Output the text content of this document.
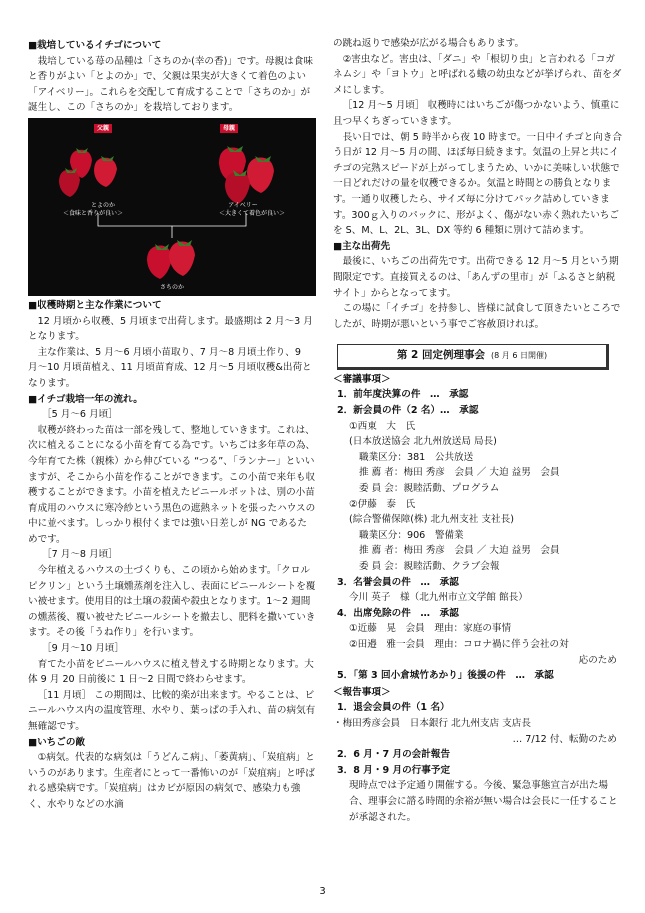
■栽培しているイチゴについて

栽培している苺の品種は「さちのか(幸の香)」です。母親は食味と香りがよい「とよのか」で、父親は果実が大きくて着色のよい「アイベリー」。これらを交配して育成することで「さちのか」が誕生し、この「さちのか」を栽培しております。

父親	母親
とよのか
＜食味と香りが良い＞
アイベリー
＜大きくて着色が良い＞
さちのか

■収穫時期と主な作業について

12 月頃から収穫、5 月頃まで出荷します。最盛期は 2 月〜3 月となります。

主な作業は、5 月〜6 月頃小苗取り、7 月〜8 月頃土作り、9 月〜10 月頃苗植え、11 月頃苗育成、12 月〜5 月頃収穫&出荷となります。

■イチゴ栽培一年の流れ。

［5 月〜6 月頃］

収穫が終わった苗は一部を残して、整地していきます。これは、次に植えることになる小苗を育てる為です。いちごは多年草の為、今年育てた株（親株）から伸びている “つる”、「ランナー」といいますが、そこから小苗を作ることができます。この小苗で来年も収穫することができます。小苗を植えたビニールポットは、別の小苗育成用のハウスに寒冷紗という黒色の遮熱ネットを張ったハウスの中に並べます。しっかり根付くまでは強い日差しが NG であるためです。

［7 月〜8 月頃］

今年植えるハウスの土づくりも、この頃から始めます。「クロルピクリン」という土壌燻蒸剤を注入し、表面にビニールシートを覆い被せます。使用目的は土壌の殺菌や殺虫となります。1〜2 週間の燻蒸後、覆い被せたビニールシートを撤去し、肥料を撒いていきます。その後「うね作り」を行います。

［9 月〜10 月頃］

育てた小苗をビニールハウスに植え替えする時期となります。大体 9 月 20 日前後に 1 日〜2 日間で終わらせます。

［11 月頃］ この期間は、比較的楽が出来ます。やることは、ビニールハウス内の温度管理、水やり、葉っぱの手入れ、苗の病気有無確認です。

■いちごの敵

①病気。代表的な病気は「うどんこ病」、「萎黄病」、「炭疽病」というのがあります。生産者にとって一番怖いのが「炭疽病」と呼ばれる感染病です。「炭疽病」はカビが原因の病気で、感染力も強く、水やりなどの水滴

の跳ね返りで感染が広がる場合もあります。

②害虫など。害虫は、「ダニ」や「根切り虫」と言われる「コガネムシ」や「ヨトウ」と呼ばれる蛾の幼虫などが挙げられ、苗をダメにします。

［12 月〜5 月頃］ 収穫時にはいちごが傷つかないよう、慎重に且つ早くちぎっていきます。

長い日では、朝 5 時半から夜 10 時まで。一日中イチゴと向き合う日が 12 月〜5 月の間、ほぼ毎日続きます。気温の上昇と共にイチゴの完熟スピードが上がってしまうため、いかに美味しい状態で一日どれだけの量を収穫できるか。気温と時間との勝負となります。一通り収穫したら、サイズ毎に分けてパック詰めしていきます。300ｇ入りのパックに、形がよく、傷がない赤く熟れたいちごを S、M、L、2L、3L、DX 等約 6 種類に別けて詰めます。

■主な出荷先

最後に、いちごの出荷先です。出荷できる 12 月〜5 月という期間限定です。直接買えるのは、「あんずの里市」が「ふるさと納税サイト」からとなってます。

この場に「イチゴ」を持参し、皆様に試食して頂きたいところでしたが、時期が悪いという事でご容赦頂ければ。

第 2 回定例理事会 (8 月 6 日開催)

＜審議事項＞

1．前年度決算の件　…　承認

2．新会員の件（2 名）…　承認

①西東　大　氏

(日本放送協会 北九州放送局 局長)

職業区分：381　公共放送

推 薦 者：梅田 秀彦　会員 ／ 大迫 益男　会員

委 員 会：親睦活動、プログラム

②伊藤　泰　氏

(綜合警備保障(株) 北九州支社 支社長)

職業区分：906　警備業

推 薦 者：梅田 秀彦　会員 ／ 大迫 益男　会員

委 員 会：親睦活動、クラブ会報

3．名誉会員の件　…　承認

今川 英子　様（北九州市立文学館 館長）

4．出席免除の件　…　承認

①近藤　晃　会員　理由：家庭の事情

②田邉　雅一会員　理由：コロナ禍に伴う会社の対

応のため

5．「第 3 回小倉城竹あかり」後援の件　…　承認

＜報告事項＞

1．退会会員の件（1 名）

・梅田秀彦会員　日本銀行 北九州支店 支店長

… 7/12 付、転勤のため

2．6 月・7 月の会計報告

3．8 月・9 月の行事予定

現時点では予定通り開催する。今後、緊急事態宣言が出た場合、理事会に諮る時間的余裕が無い場合は会長に一任することが承認された。

3
